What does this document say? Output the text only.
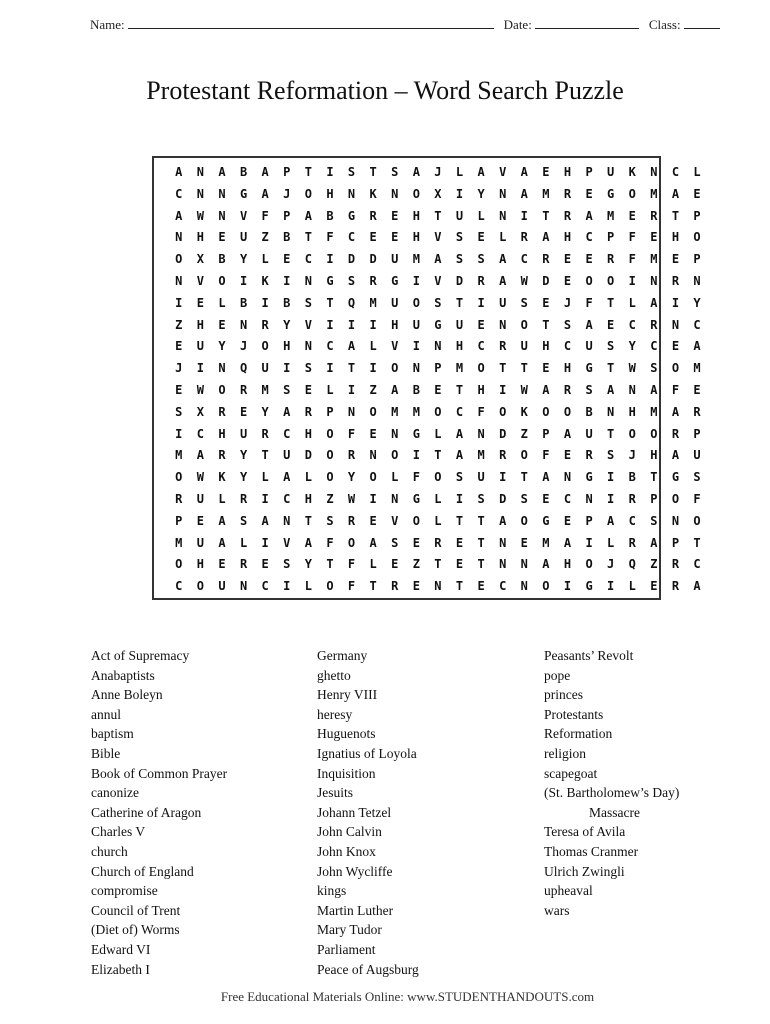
Name:	Date:	Class:
Protestant Reformation – Word Search Puzzle
A N A B A P T I S T S A J L A V A E H P U K N C L
C N N G A J O H N K N O X I Y N A M R E G O M A E
A W N V F P A B G R E H T U L N I T R A M E R T P
N H E U Z B T F C E E H V S E L R A H C P F E H O
O X B Y L E C I D D U M A S S A C R E E R F M E P
N V O I K I N G S R G I V D R A W D E O O I N R N
I E L B I B S T Q M U O S T I U S E J F T L A I Y
Z H E N R Y V I I I H U G U E N O T S A E C R N C
E U Y J O H N C A L V I N H C R U H C U S Y C E A
J I N Q U I S I T I O N P M O T T E H G T W S O M
E W O R M S E L I Z A B E T H I W A R S A N A F E
S X R E Y A R P N O M M O C F O K O O B N H M A R
I C H U R C H O F E N G L A N D Z P A U T O O R P
M A R Y T U D O R N O I T A M R O F E R S J H A U
O W K Y L A L O Y O L F O S U I T A N G I B T G S
R U L R I C H Z W I N G L I S D S E C N I R P O F
P E A S A N T S R E V O L T T A O G E P A C S N O
M U A L I V A F O A S E R E T N E M A I L R A P T
O H E R E S Y T F L E Z T E T N N A H O J Q Z R C
C O U N C I L O F T R E N T E C N O I G I L E R A
Act of Supremacy
Anabaptists
Anne Boleyn
annul
baptism
Bible
Book of Common Prayer
canonize
Catherine of Aragon
Charles V
church
Church of England
compromise
Council of Trent
(Diet of) Worms
Edward VI
Elizabeth I
Germany
ghetto
Henry VIII
heresy
Huguenots
Ignatius of Loyola
Inquisition
Jesuits
Johann Tetzel
John Calvin
John Knox
John Wycliffe
kings
Martin Luther
Mary Tudor
Parliament
Peace of Augsburg
Peasants’ Revolt
pope
princes
Protestants
Reformation
religion
scapegoat
(St. Bartholomew’s Day)
Massacre
Teresa of Avila
Thomas Cranmer
Ulrich Zwingli
upheaval
wars
Free Educational Materials Online: www.STUDENTHANDOUTS.com
